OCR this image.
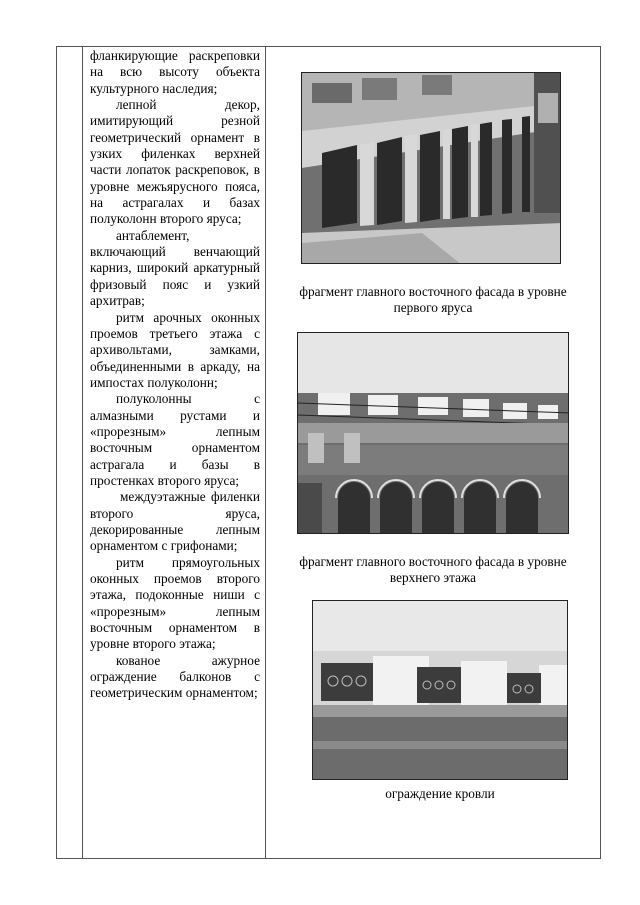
фланкирующие раскреповки на всю высоту объекта культурного наследия;

лепной декор, имитирующий резной геометрический орнамент в узких филенках верхней части лопаток раскреповок, в уровне межъярусного пояса, на астрагалах и базах полуколонн второго яруса;

антаблемент, включающий венчающий карниз, широкий аркатурный фризовый пояс и узкий архитрав;

ритм арочных оконных проемов третьего этажа с архивольтами, замками, объединенными в аркаду, на импостах полуколонн;

полуколонны с алмазными рустами и «прорезным» лепным восточным орнаментом астрагала и базы в простенках второго яруса;

междуэтажные филенки второго яруса, декорированные лепным орнаментом с грифонами;

ритм прямоугольных оконных проемов второго этажа, подоконные ниши с «прорезным» лепным восточным орнаментом в уровне второго этажа;

кованое ажурное ограждение балконов с геометрическим орнаментом;

фрагмент главного восточного фасада в уровне первого яруса
фрагмент главного восточного фасада в уровне верхнего этажа
ограждение кровли
